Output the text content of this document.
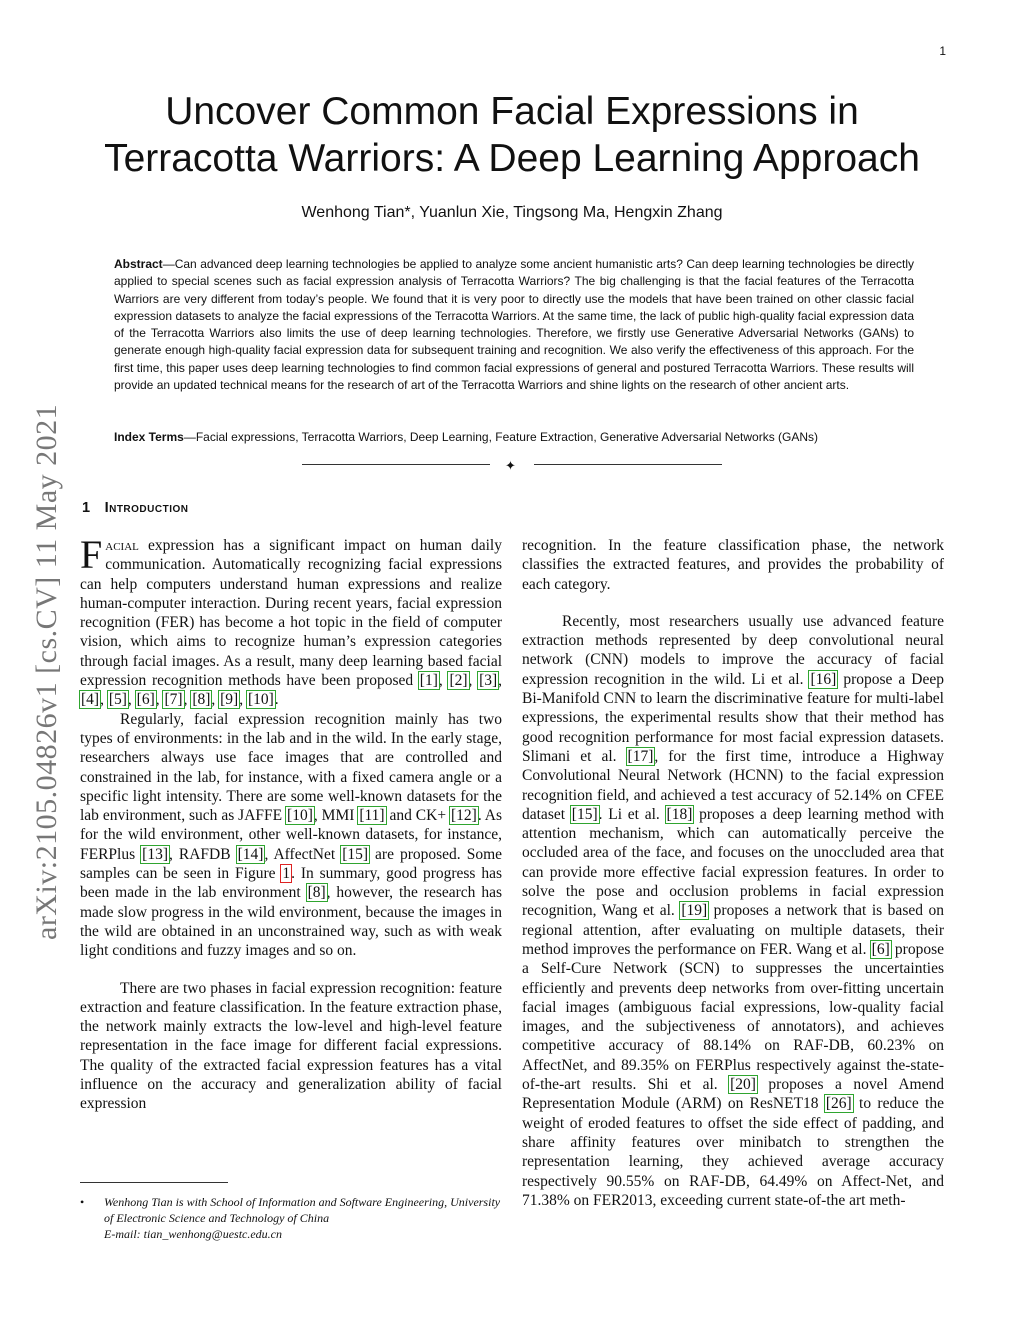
1
arXiv:2105.04826v1 [cs.CV] 11 May 2021
Uncover Common Facial Expressions in
Terracotta Warriors: A Deep Learning Approach
Wenhong Tian*, Yuanlun Xie, Tingsong Ma, Hengxin Zhang

Abstract—Can advanced deep learning technologies be applied to analyze some ancient humanistic arts? Can deep learning technologies be directly applied to special scenes such as facial expression analysis of Terracotta Warriors? The big challenging is that the facial features of the Terracotta Warriors are very different from today’s people. We found that it is very poor to directly use the models that have been trained on other classic facial expression datasets to analyze the facial expressions of the Terracotta Warriors. At the same time, the lack of public high-quality facial expression data of the Terracotta Warriors also limits the use of deep learning technologies. Therefore, we firstly use Generative Adversarial Networks (GANs) to generate enough high-quality facial expression data for subsequent training and recognition. We also verify the effectiveness of this approach. For the first time, this paper uses deep learning technologies to find common facial expressions of general and postured Terracotta Warriors. These results will provide an updated technical means for the research of art of the Terracotta Warriors and shine lights on the research of other ancient arts.

Index Terms—Facial expressions, Terracotta Warriors, Deep Learning, Feature Extraction, Generative Adversarial Networks (GANs)

✦
1 Introduction

Facial expression has a significant impact on human daily communication. Automatically recognizing facial expressions can help computers understand human expressions and realize human-computer interaction. During recent years, facial expression recognition (FER) has become a hot topic in the field of computer vision, which aims to recognize human’s expression categories through facial images. As a result, many deep learning based facial expression recognition methods have been proposed [1], [2], [3], [4], [5], [6], [7], [8], [9], [10].

Regularly, facial expression recognition mainly has two types of environments: in the lab and in the wild. In the early stage, researchers always use face images that are controlled and constrained in the lab, for instance, with a fixed camera angle or a specific light intensity. There are some well-known datasets for the lab environment, such as JAFFE [10], MMI [11] and CK+ [12]. As for the wild environment, other well-known datasets, for instance, FERPlus [13], RAFDB [14], AffectNet [15] are proposed. Some samples can be seen in Figure 1. In summary, good progress has been made in the lab environment [8], however, the research has made slow progress in the wild environment, because the images in the wild are obtained in an unconstrained way, such as with weak light conditions and fuzzy images and so on.

There are two phases in facial expression recognition: feature extraction and feature classification. In the feature extraction phase, the network mainly extracts the low-level and high-level feature representation in the face image for different facial expressions. The quality of the extracted facial expression features has a vital influence on the accuracy and generalization ability of facial expression

• Wenhong Tian is with School of Information and Software Engineering, University of Electronic Science and Technology of China
E-mail: tian_wenhong@uestc.edu.cn

recognition. In the feature classification phase, the network classifies the extracted features, and provides the probability of each category.

Recently, most researchers usually use advanced feature extraction methods represented by deep convolutional neural network (CNN) models to improve the accuracy of facial expression recognition in the wild. Li et al. [16] propose a Deep Bi-Manifold CNN to learn the discriminative feature for multi-label expressions, the experimental results show that their method has good recognition performance for most facial expression datasets. Slimani et al. [17], for the first time, introduce a Highway Convolutional Neural Network (HCNN) to the facial expression recognition field, and achieved a test accuracy of 52.14% on CFEE dataset [15]. Li et al. [18] proposes a deep learning method with attention mechanism, which can automatically perceive the occluded area of the face, and focuses on the unoccluded area that can provide more effective facial expression features. In order to solve the pose and occlusion problems in facial expression recognition, Wang et al. [19] proposes a network that is based on regional attention, after evaluating on multiple datasets, their method improves the performance on FER. Wang et al. [6] propose a Self-Cure Network (SCN) to suppresses the uncertainties efficiently and prevents deep networks from over-fitting uncertain facial images (ambiguous facial expressions, low-quality facial images, and the subjectiveness of annotators), and achieves competitive accuracy of 88.14% on RAF-DB, 60.23% on AffectNet, and 89.35% on FERPlus respectively against the-state-of-the-art results. Shi et al. [20] proposes a novel Amend Representation Module (ARM) on ResNET18 [26] to reduce the weight of eroded features to offset the side effect of padding, and share affinity features over minibatch to strengthen the representation learning, they achieved average accuracy respectively 90.55% on RAF-DB, 64.49% on Affect-Net, and 71.38% on FER2013, exceeding current state-of-the art meth-
